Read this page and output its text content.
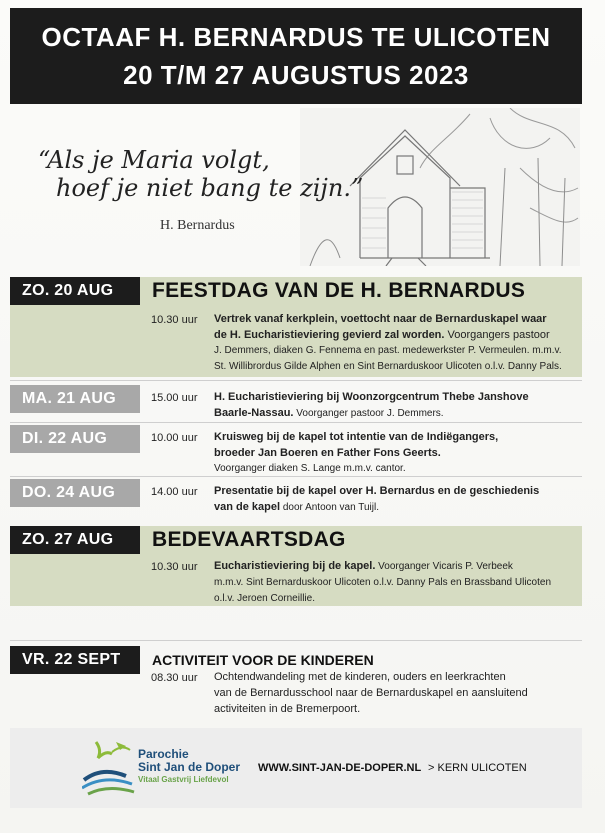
OCTAAF H. BERNARDUS TE ULICOTEN
20 T/M 27 AUGUSTUS 2023
“Als je Maria volgt,
hoef je niet bang te zijn.”
H. Bernardus
ZO. 20 AUG	FEESTDAG VAN DE H. BERNARDUS
10.30 uur Vertrek vanaf kerkplein, voettocht naar de Bernarduskapel waar
de H. Eucharistieviering gevierd zal worden. Voorgangers pastoor
J. Demmers, diaken G. Fennema en past. medewerkster P. Vermeulen. m.m.v.
St. Willibrordus Gilde Alphen en Sint Bernarduskoor Ulicoten o.l.v. Danny Pals.
MA. 21 AUG	15.00 uur H. Eucharistieviering bij Woonzorgcentrum Thebe Janshove
Baarle-Nassau. Voorganger pastoor J. Demmers.
DI. 22 AUG	10.00 uur Kruisweg bij de kapel tot intentie van de Indiëgangers,
broeder Jan Boeren en Father Fons Geerts.
Voorganger diaken S. Lange m.m.v. cantor.
DO. 24 AUG	14.00 uur Presentatie bij de kapel over H. Bernardus en de geschiedenis
van de kapel door Antoon van Tuijl.
ZO. 27 AUG	BEDEVAARTSDAG
10.30 uur Eucharistieviering bij de kapel. Voorganger Vicaris P. Verbeek
m.m.v. Sint Bernarduskoor Ulicoten o.l.v. Danny Pals en Brassband Ulicoten
o.l.v. Jeroen Corneillie.
VR. 22 SEPT	ACTIVITEIT VOOR DE KINDEREN
08.30 uur Ochtendwandeling met de kinderen, ouders en leerkrachten
van de Bernardusschool naar de Bernarduskapel en aansluitend
activiteiten in de Bremerpoort.
Parochie
Sint Jan de Doper
Vitaal Gastvrij Liefdevol
WWW.SINT-JAN-DE-DOPER.NL > KERN ULICOTEN
